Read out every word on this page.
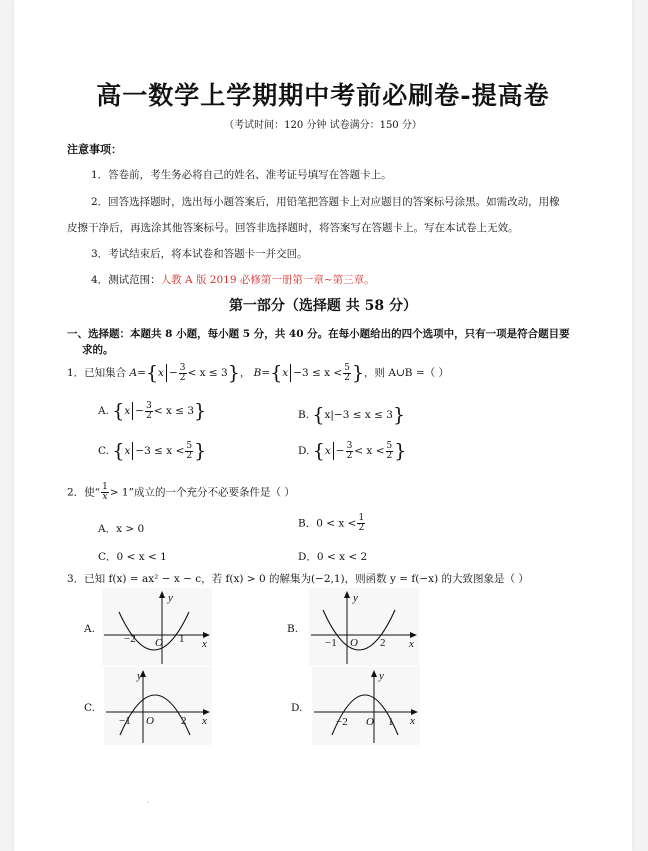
高一数学上学期期中考前必刷卷-提高卷
（考试时间：120 分钟 试卷满分：150 分）
注意事项：
1．答卷前，考生务必将自己的姓名、准考证号填写在答题卡上。
2．回答选择题时，选出每小题答案后，用铅笔把答题卡上对应题目的答案标号涂黑。如需改动，用橡
皮擦干净后，再选涂其他答案标号。回答非选择题时，将答案写在答题卡上。写在本试卷上无效。
3．考试结束后，将本试卷和答题卡一并交回。
4．测试范围：人教 A 版 2019 必修第一册第一章~第三章。
第一部分（选择题 共 58 分）
一、选择题：本题共 8 小题，每小题 5 分，共 40 分。在每小题给出的四个选项中，只有一项是符合题目要
求的。
1．已知集合 $A=\{x - \frac{3}{2} < x \le 3\}$， $B=\{x -3 \le x < \frac{5}{2}$ }，则 A∪B =（ ）
A. $\{x - \frac{3}{2} < x \le 3\}$	B. {x|−3 ≤ x ≤ 3}
C. {$x -3 \le x < \frac{5}{2}$ }	D. {$x - \frac{3}{2} < x < \frac{5}{2}$ }
2．使“ $\frac{1}{x} > 1$”成立的一个充分不必要条件是（ ）
A．x > 0	B．$0 < x < \frac{1}{2}$
C．0 < x < 1	D．0 < x < 2
3．已知 f(x) = ax² − x − c，若 f(x) > 0 的解集为(−2,1)，则函数 y = f(−x) 的大致图象是（ ）
A.	B.
C.	D.
y
x
O
−2	1
y
x
O
−1	2
y
x
O
−1	2
y
x
O
−2	1
·
